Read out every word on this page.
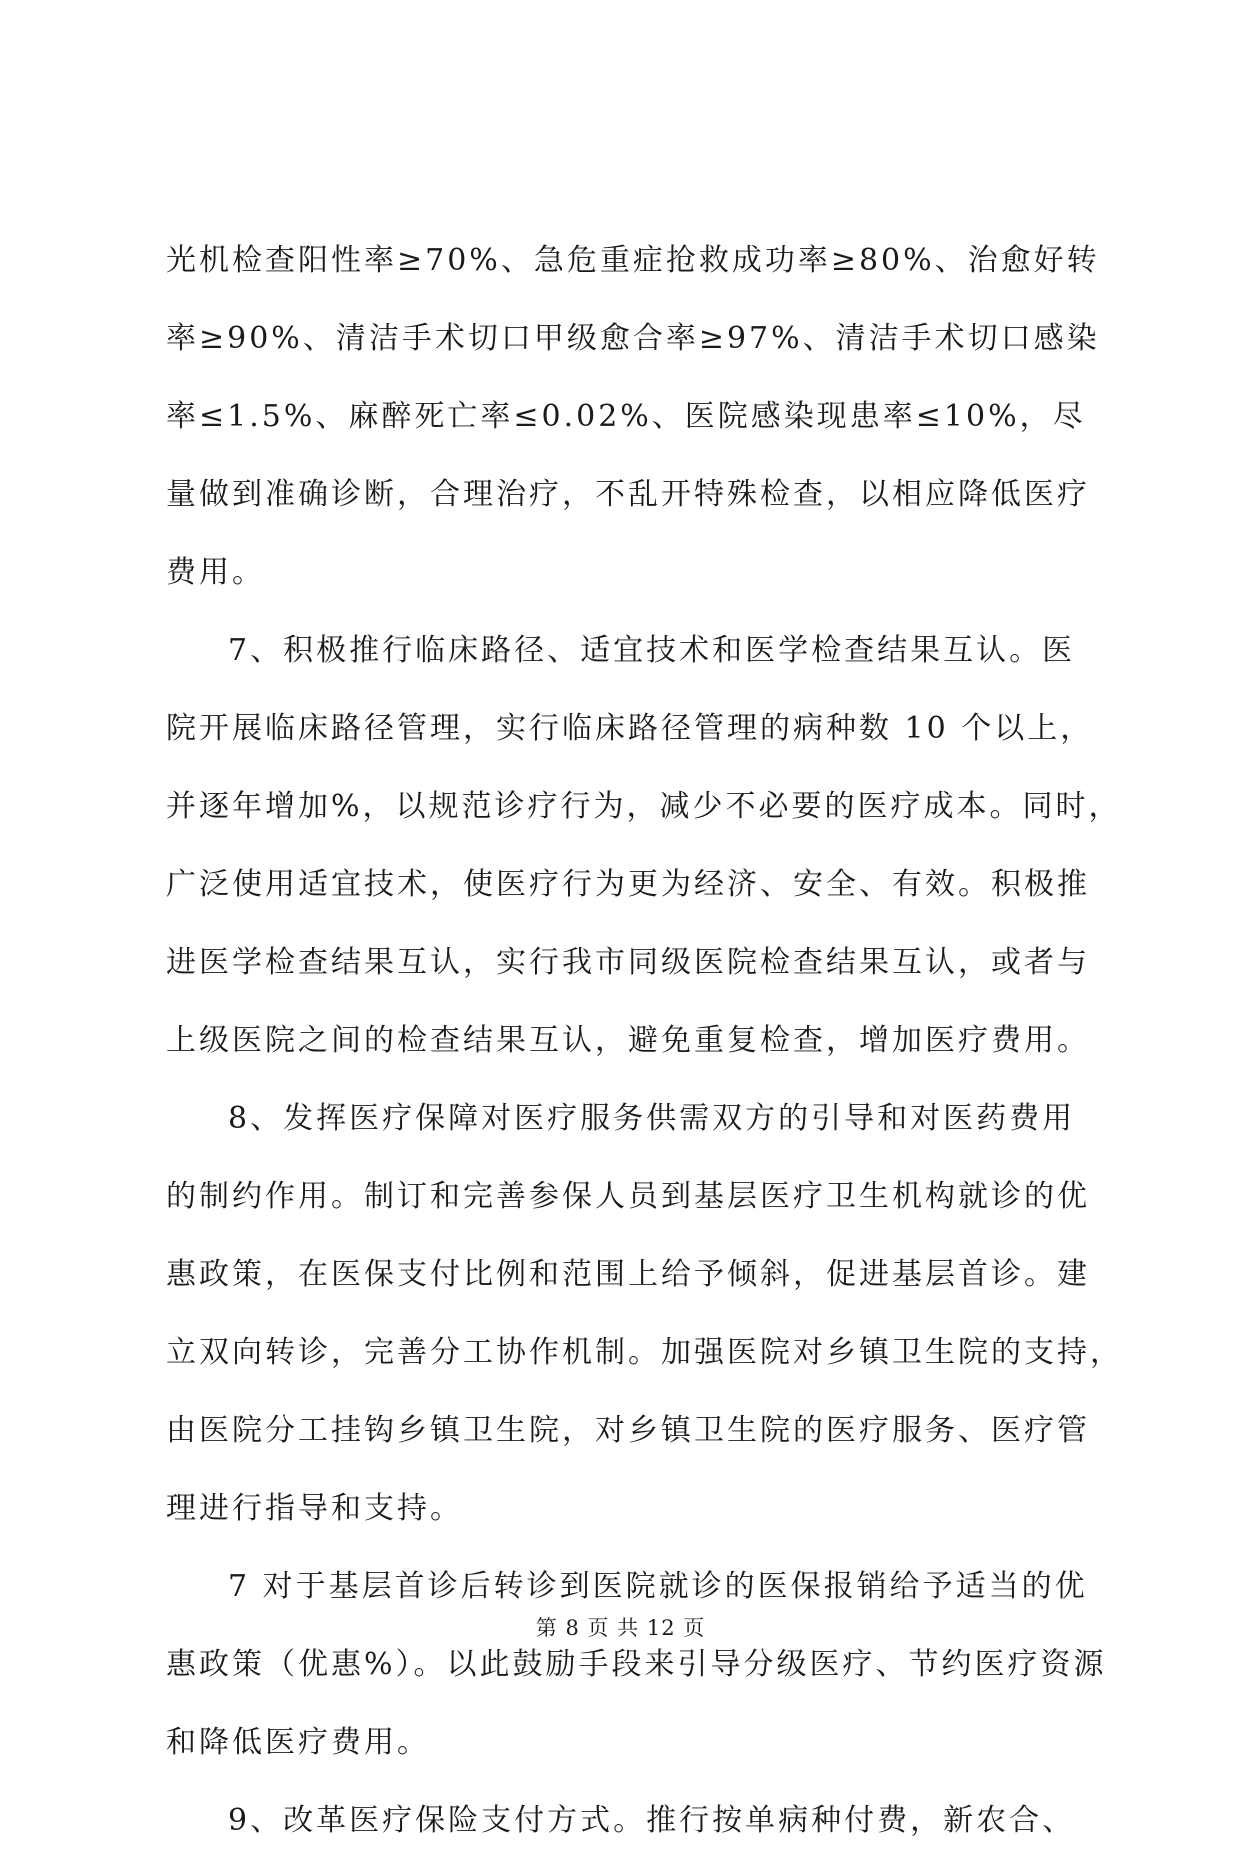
光机检查阳性率≥70%、急危重症抢救成功率≥80%、治愈好转
率≥90%、清洁手术切口甲级愈合率≥97%、清洁手术切口感染
率≤1.5%、麻醉死亡率≤0.02%、医院感染现患率≤10%，尽
量做到准确诊断，合理治疗，不乱开特殊检查，以相应降低医疗
费用。
7、积极推行临床路径、适宜技术和医学检查结果互认。医
院开展临床路径管理，实行临床路径管理的病种数 10 个以上，
并逐年增加%，以规范诊疗行为，减少不必要的医疗成本。同时，
广泛使用适宜技术，使医疗行为更为经济、安全、有效。积极推
进医学检查结果互认，实行我市同级医院检查结果互认，或者与
上级医院之间的检查结果互认，避免重复检查，增加医疗费用。
8、发挥医疗保障对医疗服务供需双方的引导和对医药费用
的制约作用。制订和完善参保人员到基层医疗卫生机构就诊的优
惠政策，在医保支付比例和范围上给予倾斜，促进基层首诊。建
立双向转诊，完善分工协作机制。加强医院对乡镇卫生院的支持，
由医院分工挂钩乡镇卫生院，对乡镇卫生院的医疗服务、医疗管
理进行指导和支持。
7 对于基层首诊后转诊到医院就诊的医保报销给予适当的优
惠政策（优惠%）。以此鼓励手段来引导分级医疗、节约医疗资源
和降低医疗费用。
9、改革医疗保险支付方式。推行按单病种付费，新农合、
第 8 页 共 12 页
